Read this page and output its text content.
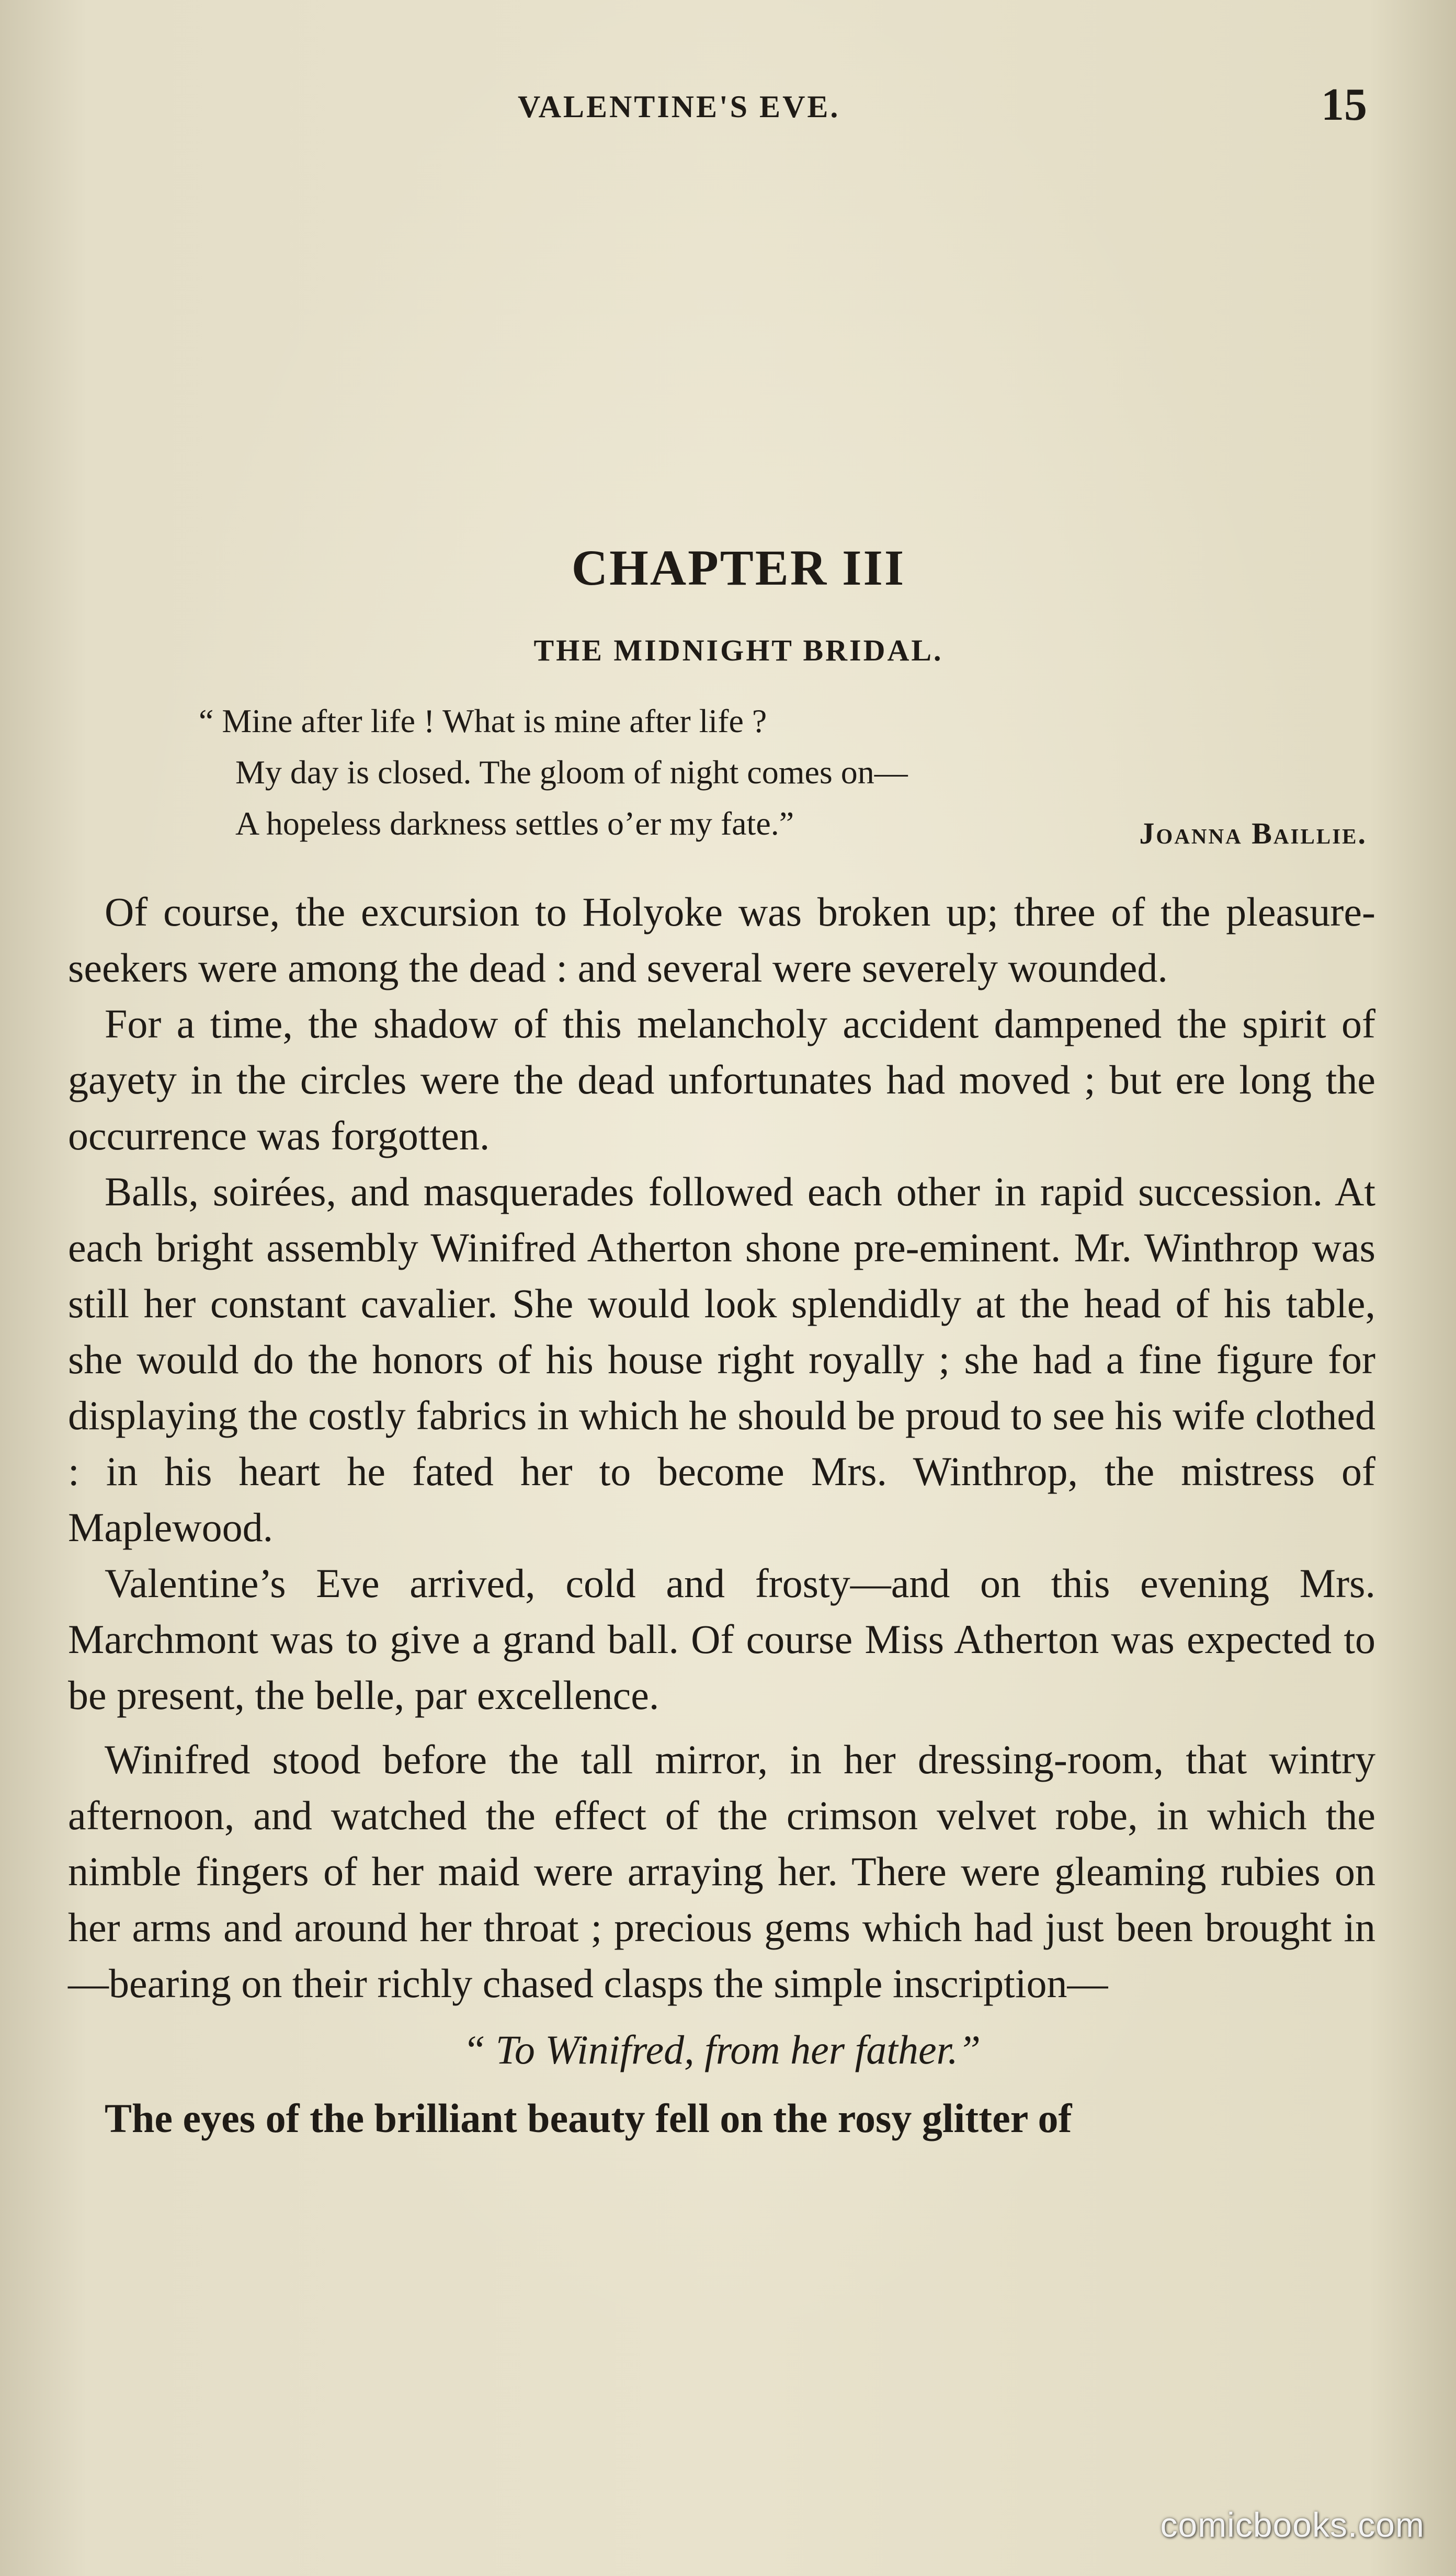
VALENTINE'S EVE.	15
CHAPTER III
THE MIDNIGHT BRIDAL.
“ Mine after life ! What is mine after life ?
My day is closed. The gloom of night comes on—
A hopeless darkness settles o’er my fate.”	Joanna Baillie.

Of course, the excursion to Holyoke was broken up; three of the pleasure-seekers were among the dead : and several were severely wounded.

For a time, the shadow of this melancholy accident dampened the spirit of gayety in the circles were the dead unfortunates had moved ; but ere long the occurrence was forgotten.

Balls, soirées, and masquerades followed each other in rapid succession. At each bright assembly Winifred Atherton shone pre-eminent. Mr. Winthrop was still her constant cavalier. She would look splendidly at the head of his table, she would do the honors of his house right royally ; she had a fine figure for displaying the costly fabrics in which he should be proud to see his wife clothed : in his heart he fated her to become Mrs. Winthrop, the mistress of Maplewood.

Valentine’s Eve arrived, cold and frosty—and on this evening Mrs. Marchmont was to give a grand ball. Of course Miss Atherton was expected to be present, the belle, par excellence.

Winifred stood before the tall mirror, in her dressing-room, that wintry afternoon, and watched the effect of the crimson velvet robe, in which the nimble fingers of her maid were arraying her. There were gleaming rubies on her arms and around her throat ; precious gems which had just been brought in—bearing on their richly chased clasps the simple inscription—

“ To Winifred, from her father.”

The eyes of the brilliant beauty fell on the rosy glitter of

comicbooks.com
